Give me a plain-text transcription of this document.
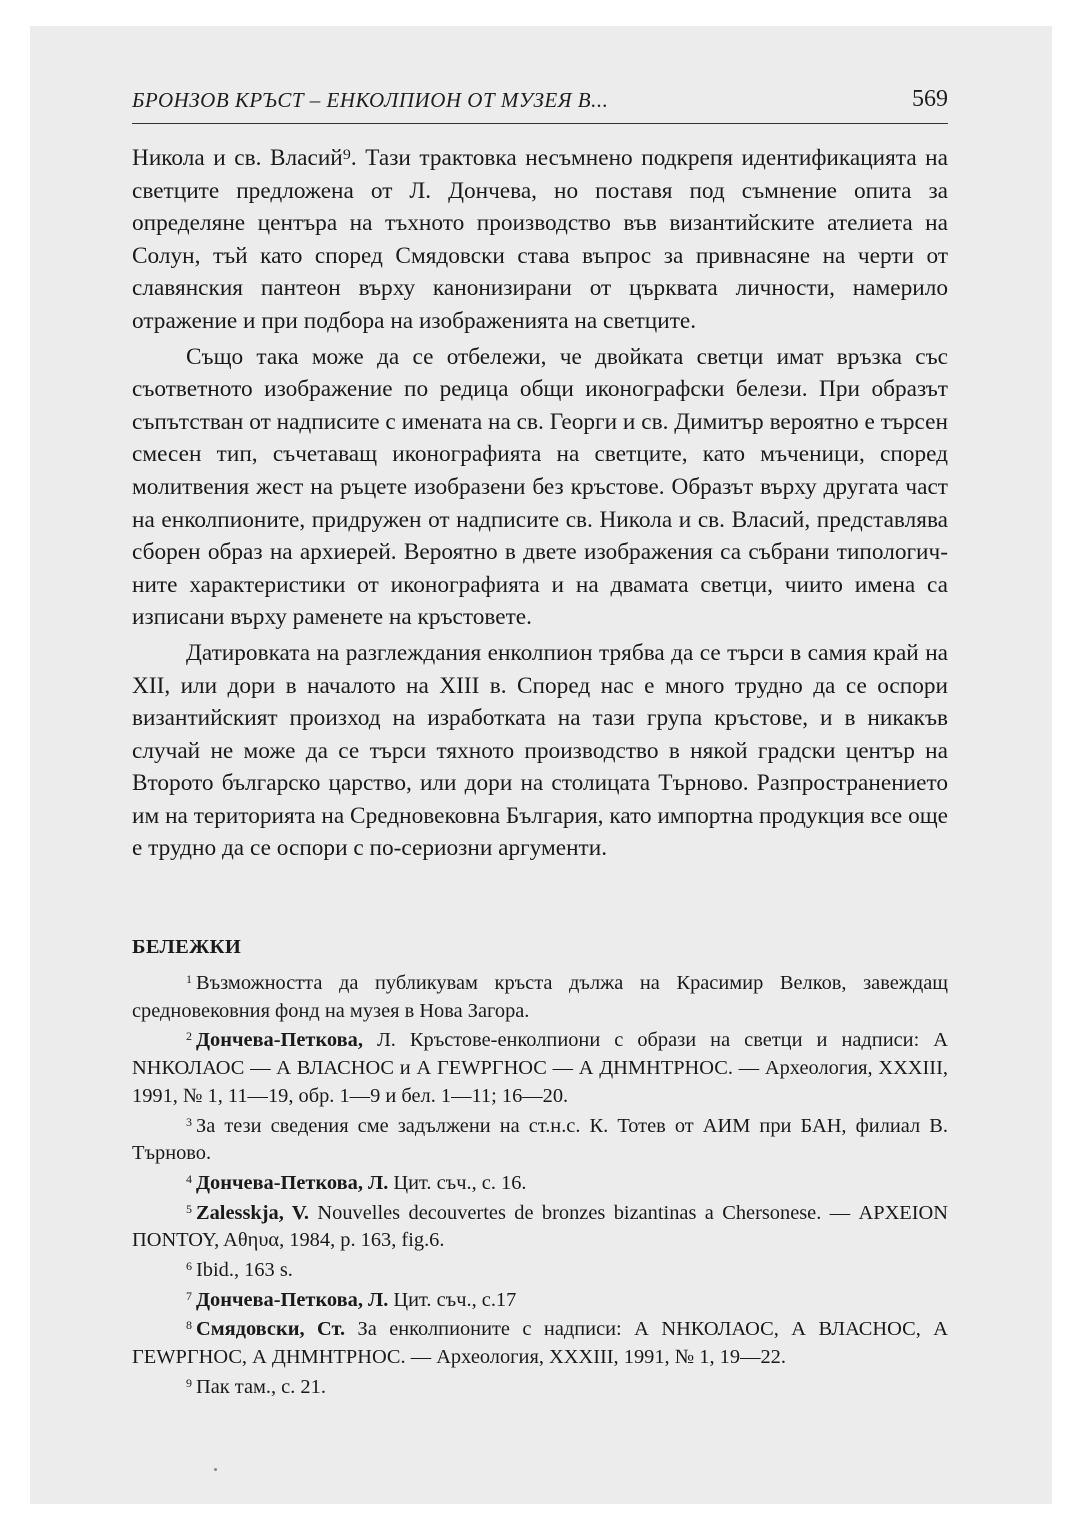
БРОНЗОВ КРЪСТ – ЕНКОЛПИОН ОТ МУЗЕЯ В...	569

Никола и св. Власий⁹. Тази трактовка несъмнено подкрепя идентификацията на светците предложена от Л. Дончева, но поставя под съмнение опита за определяне центъра на тъхното производство във византийските ателиета на Солун, тъй като според Смядовски става въпрос за привнасяне на черти от славянския пантеон върху канонизирани от църквата личности, намерило отражение и при подбора на изображенията на светците.

Също така може да се отбележи, че двойката светци имат връзка със съответното изображение по редица общи иконографски белези. При образът съпътстван от надписите с имената на св. Георги и св. Димитър вероятно е търсен смесен тип, съчетаващ иконографията на светците, като мъченици, според молитвения жест на ръцете изобразени без кръстове. Образът върху другата част на енколпионите, придружен от надписите св. Никола и св. Власий, представлява сборен образ на архиерей. Вероятно в двете изображения са събрани типологичните характеристики от иконографията и на двамата светци, чиито имена са изписани върху раменете на кръстовете.

Датировката на разглеждания енколпион трябва да се търси в самия край на XII, или дори в началото на XIII в. Според нас е много трудно да се оспори византийският произход на изработката на тази група кръстове, и в никакъв случай не може да се търси тяхното производство в някой градски център на Второто българско царство, или дори на столицата Търново. Разпространението им на територията на Средновековна България, като импортна продукция все още е трудно да се оспори с по-сериозни аргументи.

БЕЛЕЖКИ

$^1$ Възможността да публикувам кръста дължа на Красимир Велков, завеждащ средновековния фонд на музея в Нова Загора.

$^2$ Дончева-Петкова, Л. Кръстове-енколпиони с образи на светци и надписи: А NНКОЛАОС — А ВЛАСНОС и А ГЕWРГНОС — А ДНМНТРНОС. — Археология, XXXIII, 1991, № 1, 11—19, обр. 1—9 и бел. 1—11; 16—20.

$^3$ За тези сведения сме задължени на ст.н.с. К. Тотев от АИМ при БАН, филиал В. Търново.

$^4$ Дончева-Петкова, Л. Цит. съч., с. 16.

$^5$ Zalesskja, V. Nouvelles decouvertes de bronzes bizantinas a Chersonese. — ΑΡΧΕΙΟΝ ΠΟΝΤΟΥ, Αθηυα, 1984, p. 163, fig.6.

$^6$ Ibid., 163 s.

$^7$ Дончева-Петкова, Л. Цит. съч., с.17

$^8$ Смядовски, Ст. За енколпионите с надписи: А NНКОЛАОС, А ВЛАСНОС, А ГЕWРГНОС, А ДНМНТРНОС. — Археология, XXXIII, 1991, № 1, 19—22.

$^9$ Пак там., с. 21.
